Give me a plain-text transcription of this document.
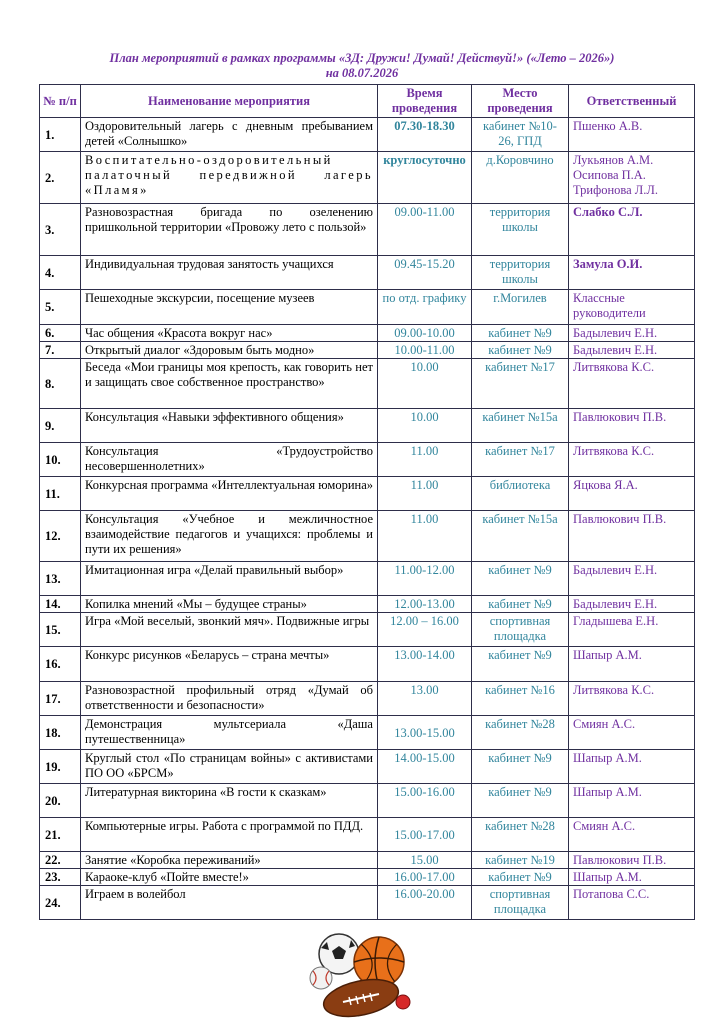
План мероприятий в рамках программы «3Д: Дружи! Думай! Действуй!» («Лето – 2026»)
на 08.07.2026
№ п/п	Наименование мероприятия	Время проведения	Место проведения	Ответственный
1.	Оздоровительный лагерь с дневным пребыванием детей «Солнышко»	07.30-18.30	кабинет №10-26, ГПД	Пшенко А.В.
2.	Воспитательно-оздоровительный палаточный передвижной лагерь «Пламя»	круглосуточно	д.Коровчино	Лукьянов А.М. Осипова П.А. Трифонова Л.Л.
3.	Разновозрастная бригада по озеленению пришкольной территории «Провожу лето с пользой»	09.00-11.00	территория школы	Слабко С.Л.
4.	Индивидуальная трудовая занятость учащихся	09.45-15.20	территория школы	Замула О.И.
5.	Пешеходные экскурсии, посещение музеев	по отд. графику	г.Могилев	Классные руководители
6.	Час общения «Красота вокруг нас»	09.00-10.00	кабинет №9	Бадылевич Е.Н.
7.	Открытый диалог «Здоровым быть модно»	10.00-11.00	кабинет №9	Бадылевич Е.Н.
8.	Беседа «Мои границы моя крепость, как говорить нет и защищать свое собственное пространство»	10.00	кабинет №17	Литвякова К.С.
9.	Консультация «Навыки эффективного общения»	10.00	кабинет №15а	Павлюкович П.В.
10.	Консультация «Трудоустройство несовершеннолетних»	11.00	кабинет №17	Литвякова К.С.
11.	Конкурсная программа «Интеллектуальная юморина»	11.00	библиотека	Яцкова Я.А.
12.	Консультация «Учебное и межличностное взаимодействие педагогов и учащихся: проблемы и пути их решения»	11.00	кабинет №15а	Павлюкович П.В.
13.	Имитационная игра «Делай правильный выбор»	11.00-12.00	кабинет №9	Бадылевич Е.Н.
14.	Копилка мнений «Мы – будущее страны»	12.00-13.00	кабинет №9	Бадылевич Е.Н.
15.	Игра «Мой веселый, звонкий мяч». Подвижные игры	12.00 – 16.00	спортивная площадка	Гладышева Е.Н.
16.	Конкурс рисунков «Беларусь – страна мечты»	13.00-14.00	кабинет №9	Шапыр А.М.
17.	Разновозрастной профильный отряд «Думай об ответственности и безопасности»	13.00	кабинет №16	Литвякова К.С.
18.	Демонстрация мультсериала «Даша путешественница»	13.00-15.00	кабинет №28	Смиян А.С.
19.	Круглый стол «По страницам войны» с активистами ПО ОО «БРСМ»	14.00-15.00	кабинет №9	Шапыр А.М.
20.	Литературная викторина «В гости к сказкам»	15.00-16.00	кабинет №9	Шапыр А.М.
21.	Компьютерные игры. Работа с программой по ПДД.	15.00-17.00	кабинет №28	Смиян А.С.
22.	Занятие «Коробка переживаний»	15.00	кабинет №19	Павлюкович П.В.
23.	Караоке-клуб «Пойте вместе!»	16.00-17.00	кабинет №9	Шапыр А.М.
24.	Играем в волейбол	16.00-20.00	спортивная площадка	Потапова С.С.
